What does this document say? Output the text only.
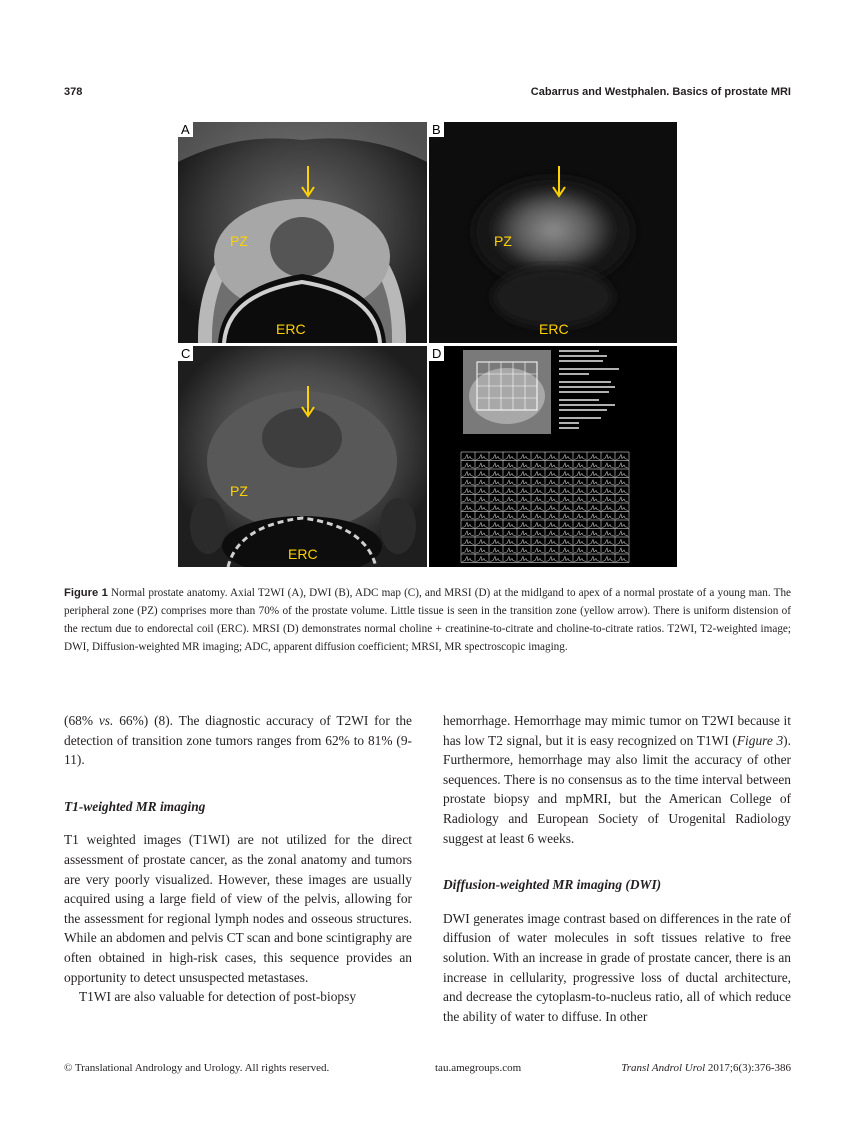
378	Cabarrus and Westphalen. Basics of prostate MRI
PZ
ERC
A
PZ
ERC
B
PZ
ERC
C	D
Figure 1 Normal prostate anatomy. Axial T2WI (A), DWI (B), ADC map (C), and MRSI (D) at the midlgand to apex of a normal prostate of a young man. The peripheral zone (PZ) comprises more than 70% of the prostate volume. Little tissue is seen in the transition zone (yellow arrow). There is uniform distension of the rectum due to endorectal coil (ERC). MRSI (D) demonstrates normal choline + creatinine-to-citrate and choline-to-citrate ratios. T2WI, T2-weighted image; DWI, Diffusion-weighted MR imaging; ADC, apparent diffusion coefficient; MRSI, MR spectroscopic imaging.

(68% vs. 66%) (8). The diagnostic accuracy of T2WI for the detection of transition zone tumors ranges from 62% to 81% (9-11).

T1-weighted MR imaging

T1 weighted images (T1WI) are not utilized for the direct assessment of prostate cancer, as the zonal anatomy and tumors are very poorly visualized. However, these images are usually acquired using a large field of view of the pelvis, allowing for the assessment for regional lymph nodes and osseous structures. While an abdomen and pelvis CT scan and bone scintigraphy are often obtained in high-risk cases, this sequence provides an opportunity to detect unsuspected metastases.

T1WI are also valuable for detection of post-biopsy

hemorrhage. Hemorrhage may mimic tumor on T2WI because it has low T2 signal, but it is easy recognized on T1WI (Figure 3). Furthermore, hemorrhage may also limit the accuracy of other sequences. There is no consensus as to the time interval between prostate biopsy and mpMRI, but the American College of Radiology and European Society of Urogenital Radiology suggest at least 6 weeks.

Diffusion-weighted MR imaging (DWI)

DWI generates image contrast based on differences in the rate of diffusion of water molecules in soft tissues relative to free solution. With an increase in grade of prostate cancer, there is an increase in cellularity, progressive loss of ductal architecture, and decrease the cytoplasm-to-nucleus ratio, all of which reduce the ability of water to diffuse. In other

© Translational Andrology and Urology. All rights reserved.	tau.amegroups.com	Transl Androl Urol 2017;6(3):376-386
